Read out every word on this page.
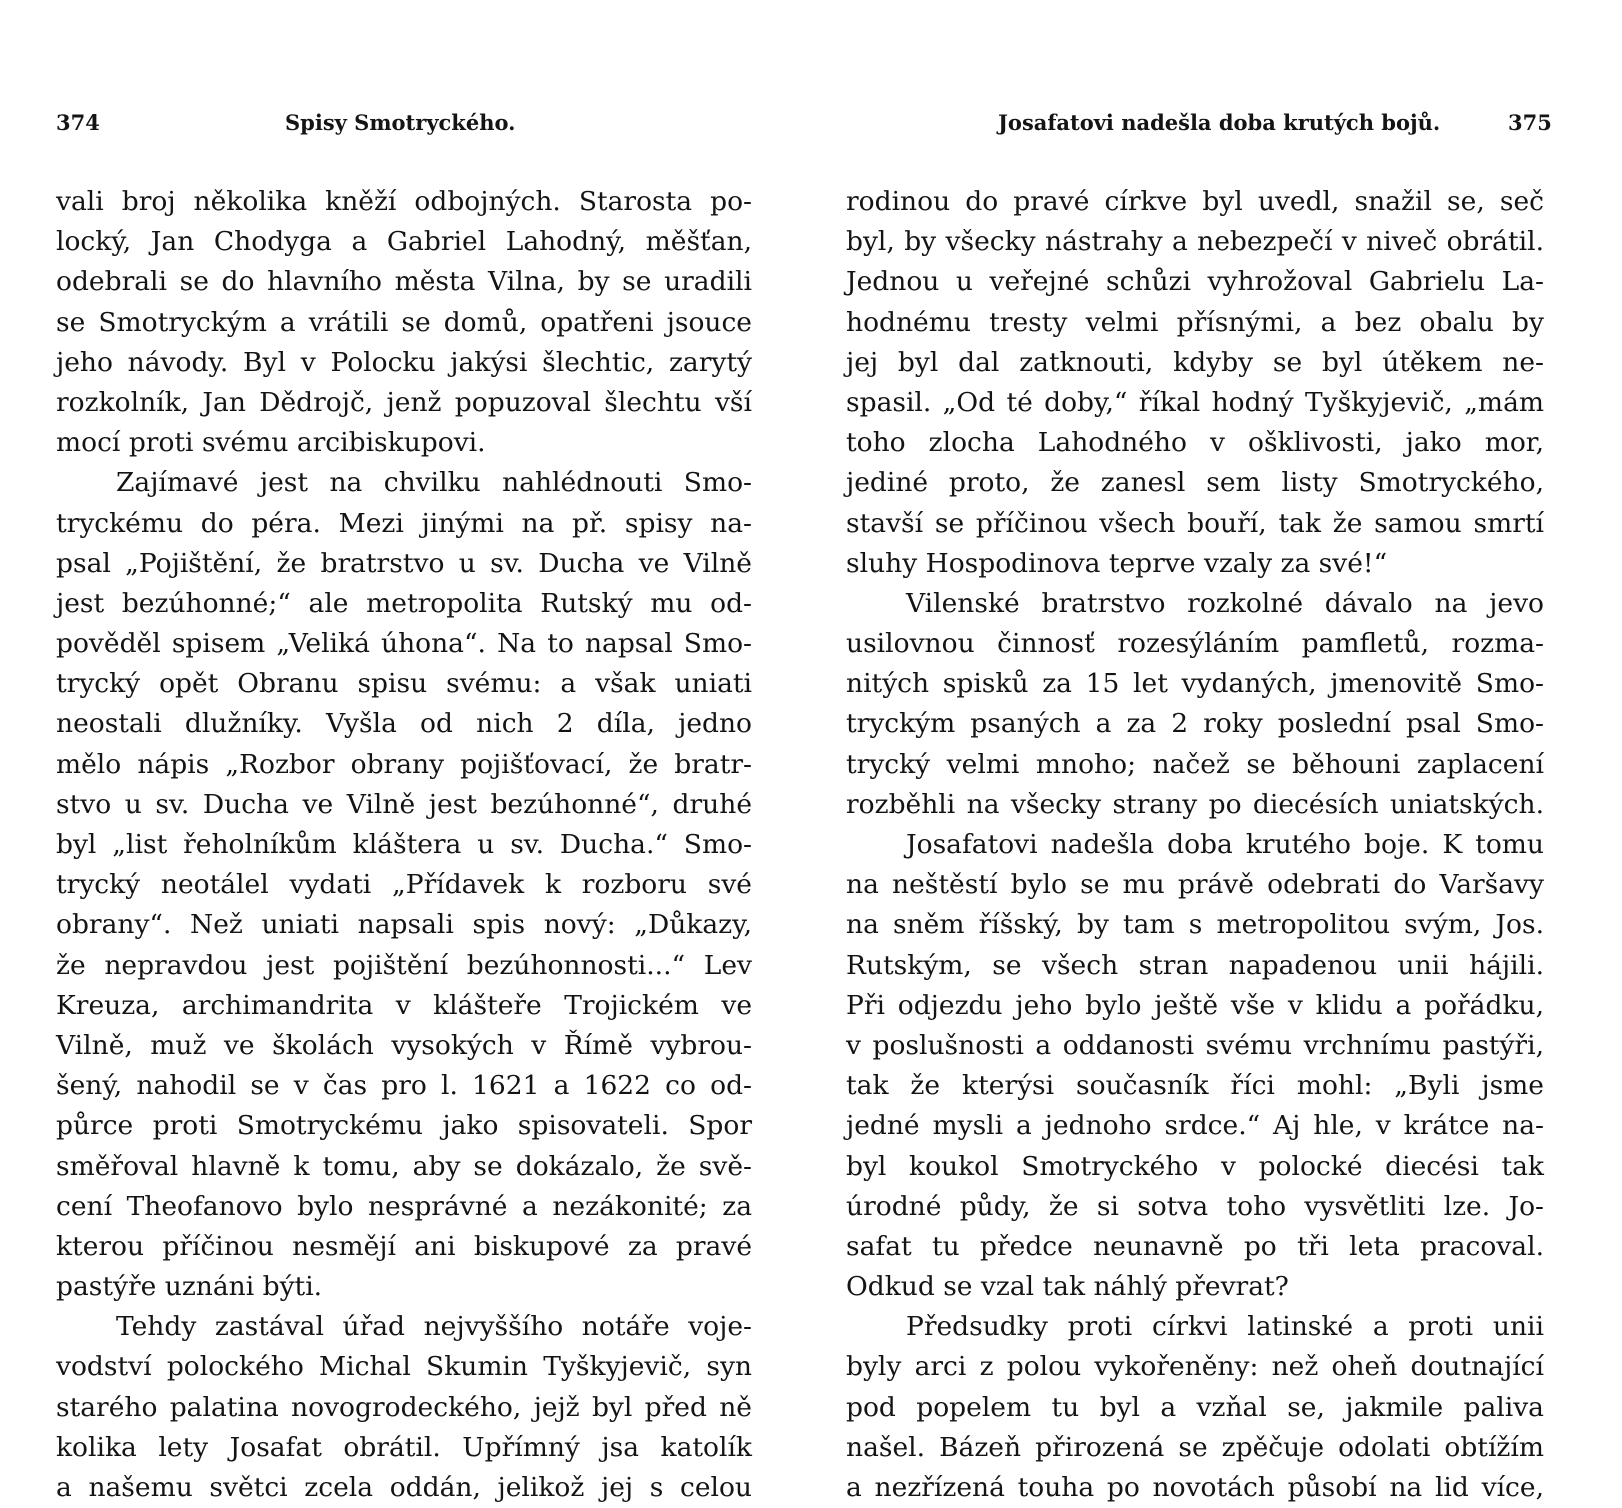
374	Spisy Smotryckého.
vali broj několika kněží odbojných. Starosta po-
locký, Jan Chodyga a Gabriel Lahodný, měšťan,
odebrali se do hlavního města Vilna, by se uradili
se Smotryckým a vrátili se domů, opatřeni jsouce
jeho návody. Byl v Polocku jakýsi šlechtic, zarytý
rozkolník, Jan Dědrojč, jenž popuzoval šlechtu vší
mocí proti svému arcibiskupovi.
Zajímavé jest na chvilku nahlédnouti Smo-
tryckému do péra. Mezi jinými na př. spisy na-
psal „Pojištění, že bratrstvo u sv. Ducha ve Vilně
jest bezúhonné;“ ale metropolita Rutský mu od-
pověděl spisem „Veliká úhona“. Na to napsal Smo-
trycký opět Obranu spisu svému: a však uniati
neostali dlužníky. Vyšla od nich 2 díla, jedno
mělo nápis „Rozbor obrany pojišťovací, že bratr-
stvo u sv. Ducha ve Vilně jest bezúhonné“, druhé
byl „list řeholníkům kláštera u sv. Ducha.“ Smo-
trycký neotálel vydati „Přídavek k rozboru své
obrany“. Než uniati napsali spis nový: „Důkazy,
že nepravdou jest pojištění bezúhonnosti...“ Lev
Kreuza, archimandrita v klášteře Trojickém ve
Vilně, muž ve školách vysokých v Římě vybrou-
šený, nahodil se v čas pro l. 1621 a 1622 co od-
půrce proti Smotryckému jako spisovateli. Spor
směřoval hlavně k tomu, aby se dokázalo, že svě-
cení Theofanovo bylo nesprávné a nezákonité; za
kterou příčinou nesmějí ani biskupové za pravé
pastýře uznáni býti.
Tehdy zastával úřad nejvyššího notáře voje-
vodství polockého Michal Skumin Tyškyjevič, syn
starého palatina novogrodeckého, jejž byl před ně
kolika lety Josafat obrátil. Upřímný jsa katolík
a našemu světci zcela oddán, jelikož jej s celou
Josafatovi nadešla doba krutých bojů.	375
rodinou do pravé církve byl uvedl, snažil se, seč
byl, by všecky nástrahy a nebezpečí v niveč obrátil.
Jednou u veřejné schůzi vyhrožoval Gabrielu La-
hodnému tresty velmi přísnými, a bez obalu by
jej byl dal zatknouti, kdyby se byl útěkem ne-
spasil. „Od té doby,“ říkal hodný Tyškyjevič, „mám
toho zlocha Lahodného v ošklivosti, jako mor,
jediné proto, že zanesl sem listy Smotryckého,
stavší se příčinou všech bouří, tak že samou smrtí
sluhy Hospodinova teprve vzaly za své!“
Vilenské bratrstvo rozkolné dávalo na jevo
usilovnou činnosť rozesýláním pamfletů, rozma-
nitých spisků za 15 let vydaných, jmenovitě Smo-
tryckým psaných a za 2 roky poslední psal Smo-
trycký velmi mnoho; načež se běhouni zaplacení
rozběhli na všecky strany po diecésích uniatských.
Josafatovi nadešla doba krutého boje. K tomu
na neštěstí bylo se mu právě odebrati do Varšavy
na sněm říšský, by tam s metropolitou svým, Jos.
Rutským, se všech stran napadenou unii hájili.
Při odjezdu jeho bylo ještě vše v klidu a pořádku,
v poslušnosti a oddanosti svému vrchnímu pastýři,
tak že kterýsi současník říci mohl: „Byli jsme
jedné mysli a jednoho srdce.“ Aj hle, v krátce na-
byl koukol Smotryckého v polocké diecési tak
úrodné půdy, že si sotva toho vysvětliti lze. Jo-
safat tu předce neunavně po tři leta pracoval.
Odkud se vzal tak náhlý převrat?
Předsudky proti církvi latinské a proti unii
byly arci z polou vykořeněny: než oheň doutnající
pod popelem tu byl a vzňal se, jakmile paliva
našel. Bázeň přirozená se zpěčuje odolati obtížím
a nezřízená touha po novotách působí na lid více,
